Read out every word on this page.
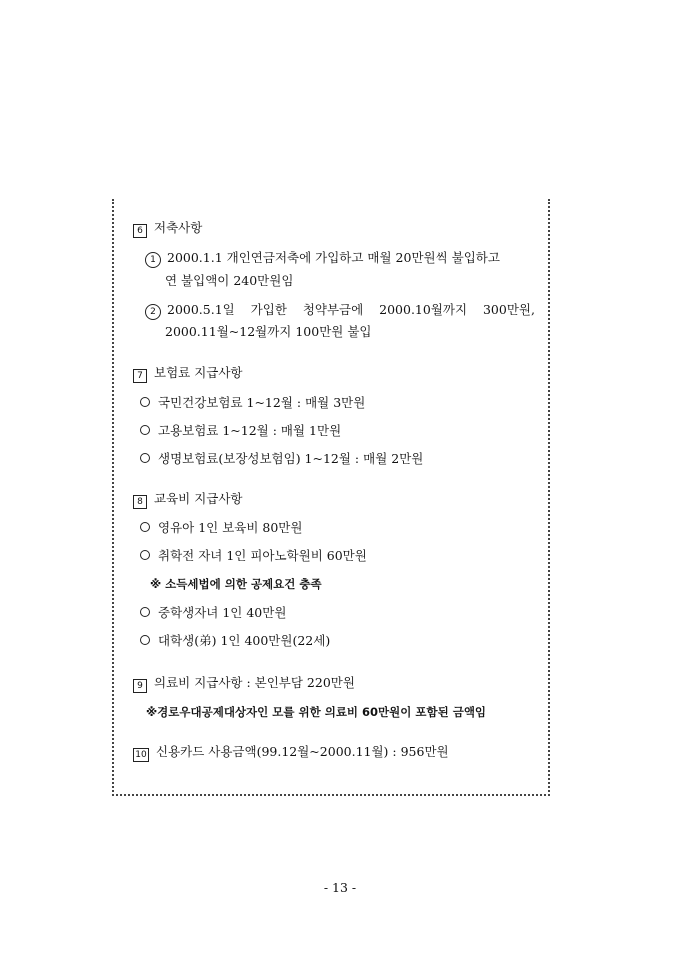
6 저축사항
1 2000.1.1 개인연금저축에 가입하고 매월 20만원씩 불입하고
연 불입액이 240만원임
2 2000.5.1일 가입한 청약부금에 2000.10월까지 300만원,
2000.11월~12월까지 100만원 불입
7 보험료 지급사항
국민건강보험료 1~12월 : 매월 3만원
고용보험료 1~12월 : 매월 1만원
생명보험료(보장성보험임) 1~12월 : 매월 2만원
8 교육비 지급사항
영유아 1인 보육비 80만원
취학전 자녀 1인 피아노학원비 60만원
※ 소득세법에 의한 공제요건 충족
중학생자녀 1인 40만원
대학생(弟) 1인 400만원(22세)
9 의료비 지급사항 : 본인부담 220만원
※경로우대공제대상자인 모를 위한 의료비 60만원이 포함된 금액임
10 신용카드 사용금액(99.12월~2000.11월) : 956만원
- 13 -
